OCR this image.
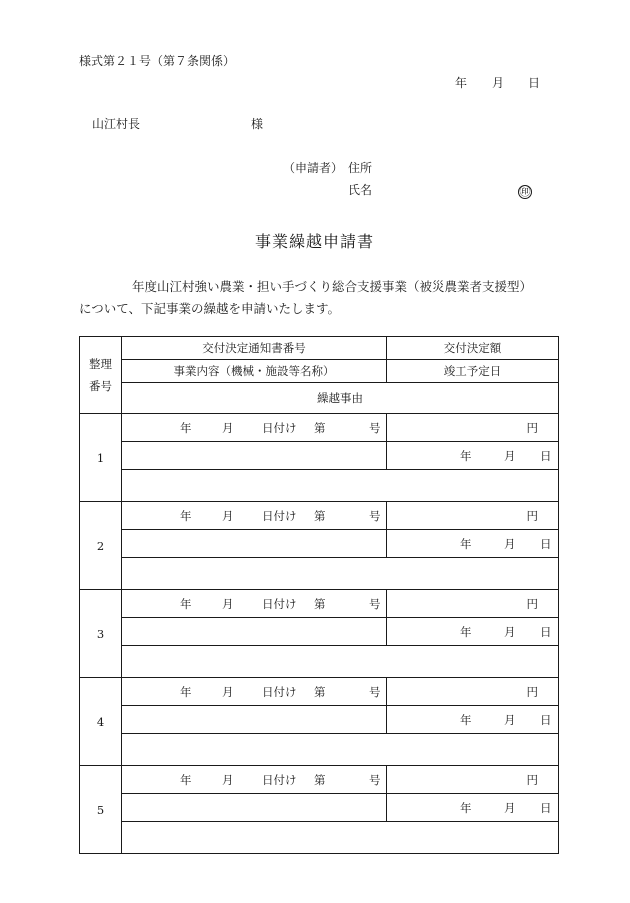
様式第２１号（第７条関係）
年 月 日
山江村長	様
（申請者） 住所
氏名	㊞
事業繰越申請書
年度山江村強い農業・担い手づくり総合支援事業（被災農業者支援型）
について、下記事業の繰越を申請いたします。
整理
番号	交付決定通知書番号	交付決定額
	事業内容（機械・施設等名称）	竣工予定日
	繰越事由	
1	年 月 日付け 第 号	円

		年 月 日

2	年 月 日付け 第 号	円

		年 月 日

3	年 月 日付け 第 号	円

		年 月 日

4	年 月 日付け 第 号	円

		年 月 日

5	年 月 日付け 第 号	円

		年 月 日
